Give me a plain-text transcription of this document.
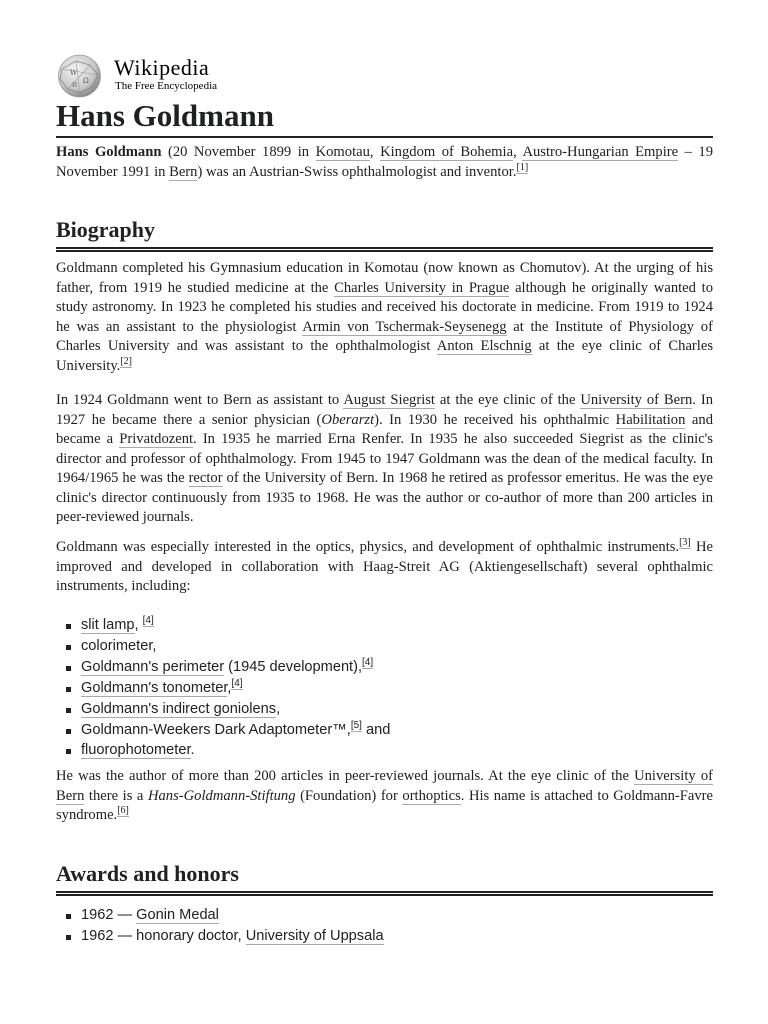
W
Ω
И
Wikipedia
The Free Encyclopedia
Hans Goldmann

Hans Goldmann (20 November 1899 in Komotau, Kingdom of Bohemia, Austro-Hungarian Empire – 19 November 1991 in Bern) was an Austrian-Swiss ophthalmologist and inventor.[1]

Biography

Goldmann completed his Gymnasium education in Komotau (now known as Chomutov). At the urging of his father, from 1919 he studied medicine at the Charles University in Prague although he originally wanted to study astronomy. In 1923 he completed his studies and received his doctorate in medicine. From 1919 to 1924 he was an assistant to the physiologist Armin von Tschermak-Seysenegg at the Institute of Physiology of Charles University and was assistant to the ophthalmologist Anton Elschnig at the eye clinic of Charles University.[2]

In 1924 Goldmann went to Bern as assistant to August Siegrist at the eye clinic of the University of Bern. In 1927 he became there a senior physician (Oberarzt). In 1930 he received his ophthalmic Habilitation and became a Privatdozent. In 1935 he married Erna Renfer. In 1935 he also succeeded Siegrist as the clinic's director and professor of ophthalmology. From 1945 to 1947 Goldmann was the dean of the medical faculty. In 1964/1965 he was the rector of the University of Bern. In 1968 he retired as professor emeritus. He was the eye clinic's director continuously from 1935 to 1968. He was the author or co-author of more than 200 articles in peer-reviewed journals.

Goldmann was especially interested in the optics, physics, and development of ophthalmic instruments.[3] He improved and developed in collaboration with Haag-Streit AG (Aktiengesellschaft) several ophthalmic instruments, including:

slit lamp, [4]
colorimeter,
Goldmann's perimeter (1945 development),[4]
Goldmann's tonometer,[4]
Goldmann's indirect goniolens,
Goldmann-Weekers Dark Adaptometer™,[5] and
fluorophotometer.

He was the author of more than 200 articles in peer-reviewed journals. At the eye clinic of the University of Bern there is a Hans-Goldmann-Stiftung (Foundation) for orthoptics. His name is attached to Goldmann-Favre syndrome.[6]

Awards and honors
1962 — Gonin Medal
1962 — honorary doctor, University of Uppsala
